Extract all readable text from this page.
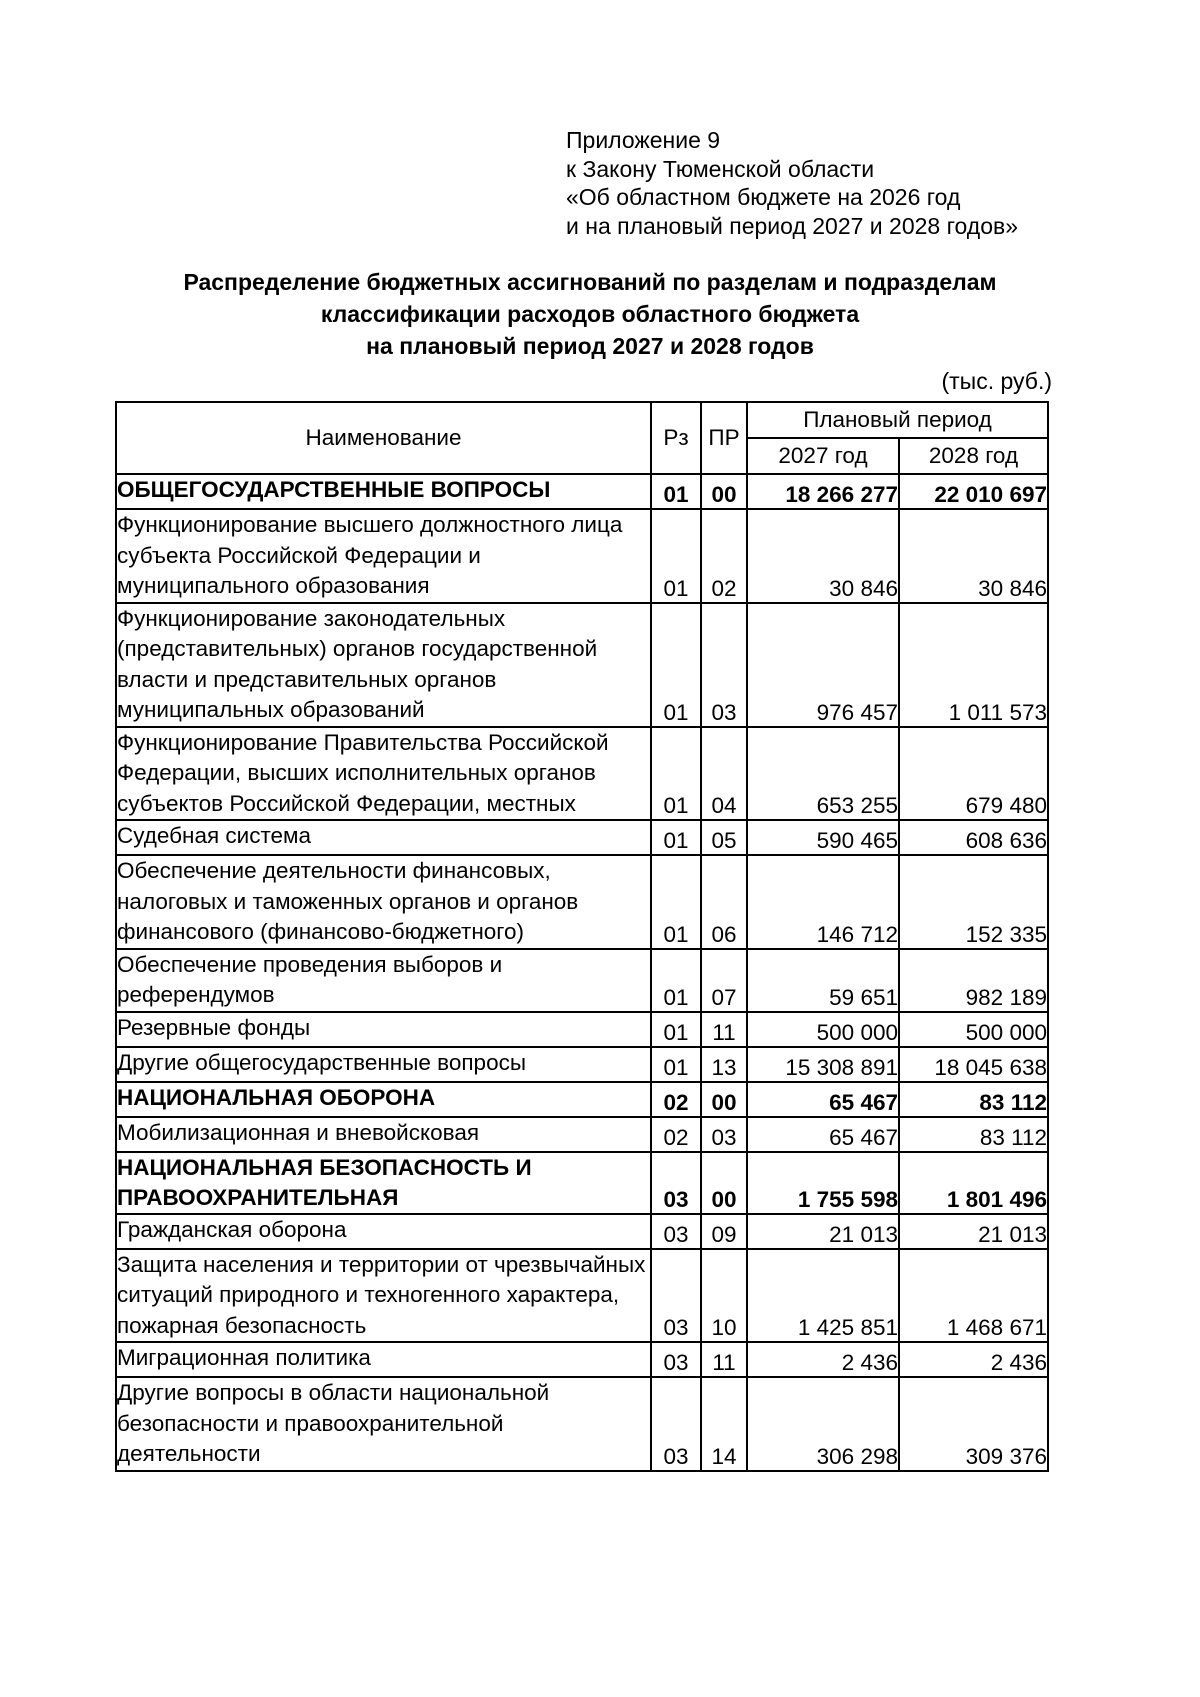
Приложение 9
к Закону Тюменской области
«Об областном бюджете на 2026 год
и на плановый период 2027 и 2028 годов»
Распределение бюджетных ассигнований по разделам и подразделам
классификации расходов областного бюджета
на плановый период 2027 и 2028 годов
(тыс. руб.)
Наименование	Рз	ПР	Плановый период	
			2027 год	2028 год
ОБЩЕГОСУДАРСТВЕННЫЕ ВОПРОСЫ	01	00	18 266 277	22 010 697
Функционирование высшего должностного лица субъекта Российской Федерации и муниципального образования	01	02	30 846	30 846
Функционирование законодательных (представительных) органов государственной власти и представительных органов муниципальных образований	01	03	976 457	1 011 573
Функционирование Правительства Российской Федерации, высших исполнительных органов субъектов Российской Федерации, местных	01	04	653 255	679 480
Судебная система	01	05	590 465	608 636
Обеспечение деятельности финансовых, налоговых и таможенных органов и органов финансового (финансово-бюджетного)	01	06	146 712	152 335
Обеспечение проведения выборов и референдумов	01	07	59 651	982 189
Резервные фонды	01	11	500 000	500 000
Другие общегосударственные вопросы	01	13	15 308 891	18 045 638
НАЦИОНАЛЬНАЯ ОБОРОНА	02	00	65 467	83 112
Мобилизационная и вневойсковая	02	03	65 467	83 112
НАЦИОНАЛЬНАЯ БЕЗОПАСНОСТЬ И ПРАВООХРАНИТЕЛЬНАЯ	03	00	1 755 598	1 801 496
Гражданская оборона	03	09	21 013	21 013
Защита населения и территории от чрезвычайных ситуаций природного и техногенного характера, пожарная безопасность	03	10	1 425 851	1 468 671
Миграционная политика	03	11	2 436	2 436
Другие вопросы в области национальной безопасности и правоохранительной деятельности	03	14	306 298	309 376
